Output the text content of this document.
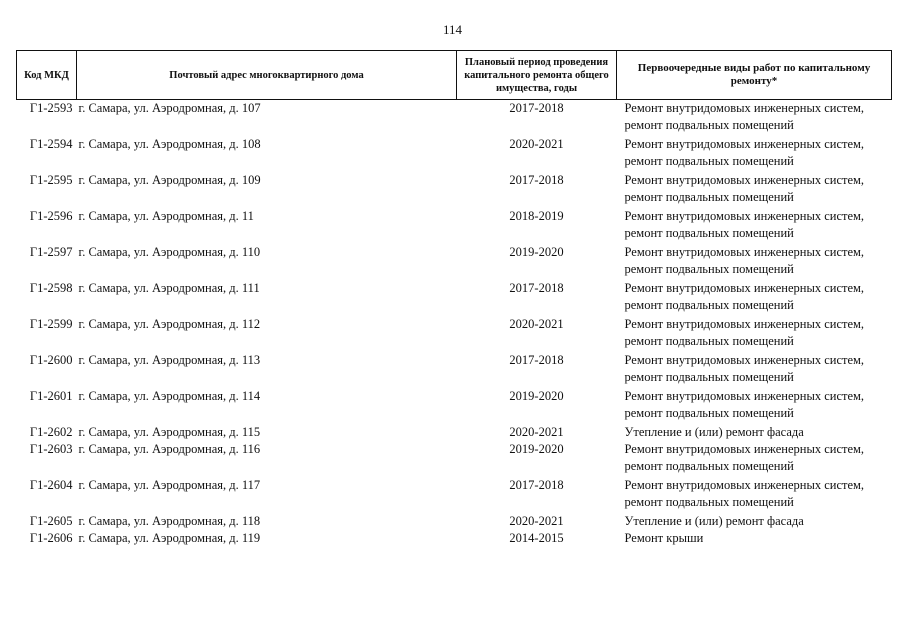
114
Код МКД	Почтовый адрес многоквартирного дома	Плановый период проведения капитального ремонта общего имущества, годы	Первоочередные виды работ по капитальному ремонту*
Г1-2593	г. Самара, ул. Аэродромная, д. 107	2017-2018	Ремонт внутридомовых инженерных систем, ремонт подвальных помещений
Г1-2594	г. Самара, ул. Аэродромная, д. 108	2020-2021	Ремонт внутридомовых инженерных систем, ремонт подвальных помещений
Г1-2595	г. Самара, ул. Аэродромная, д. 109	2017-2018	Ремонт внутридомовых инженерных систем, ремонт подвальных помещений
Г1-2596	г. Самара, ул. Аэродромная, д. 11	2018-2019	Ремонт внутридомовых инженерных систем, ремонт подвальных помещений
Г1-2597	г. Самара, ул. Аэродромная, д. 110	2019-2020	Ремонт внутридомовых инженерных систем, ремонт подвальных помещений
Г1-2598	г. Самара, ул. Аэродромная, д. 111	2017-2018	Ремонт внутридомовых инженерных систем, ремонт подвальных помещений
Г1-2599	г. Самара, ул. Аэродромная, д. 112	2020-2021	Ремонт внутридомовых инженерных систем, ремонт подвальных помещений
Г1-2600	г. Самара, ул. Аэродромная, д. 113	2017-2018	Ремонт внутридомовых инженерных систем, ремонт подвальных помещений
Г1-2601	г. Самара, ул. Аэродромная, д. 114	2019-2020	Ремонт внутридомовых инженерных систем, ремонт подвальных помещений
Г1-2602	г. Самара, ул. Аэродромная, д. 115	2020-2021	Утепление и (или) ремонт фасада
Г1-2603	г. Самара, ул. Аэродромная, д. 116	2019-2020	Ремонт внутридомовых инженерных систем, ремонт подвальных помещений
Г1-2604	г. Самара, ул. Аэродромная, д. 117	2017-2018	Ремонт внутридомовых инженерных систем, ремонт подвальных помещений
Г1-2605	г. Самара, ул. Аэродромная, д. 118	2020-2021	Утепление и (или) ремонт фасада
Г1-2606	г. Самара, ул. Аэродромная, д. 119	2014-2015	Ремонт крыши
